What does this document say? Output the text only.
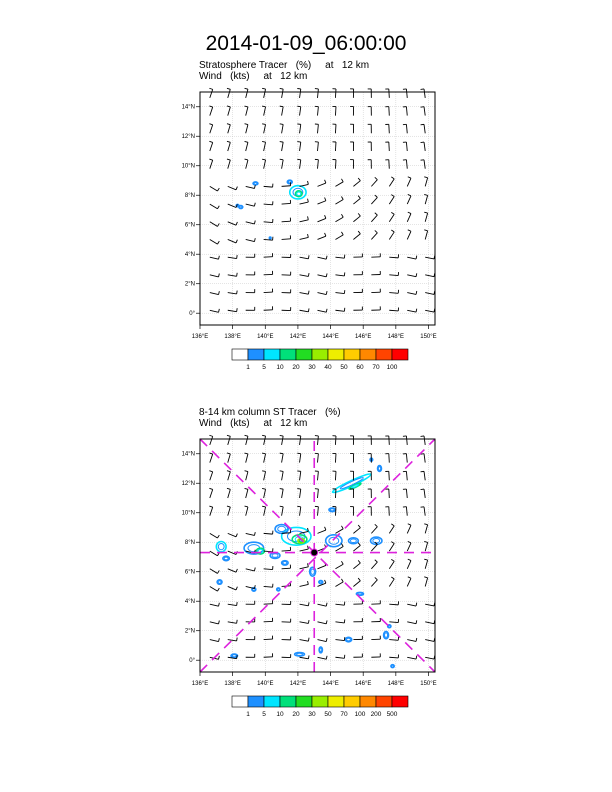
2014-01-09_06:00:00
Stratosphere Tracer   (%)     at   12 km
Wind   (kts)     at   12 km
136°E	138°E	140°E	142°E	144°E	146°E	148°E	150°E
0°
2°N
4°N
6°N
8°N
10°N
12°N
14°N
1 5 10 20 30 40 50 60 70 100
8-14 km column ST Tracer   (%)
Wind   (kts)     at   12 km
136°E	138°E	140°E	142°E	144°E	146°E	148°E	150°E
0°
2°N
4°N
6°N
8°N
10°N
12°N
14°N
1 5 10 20 30 50 70 100 200 500
